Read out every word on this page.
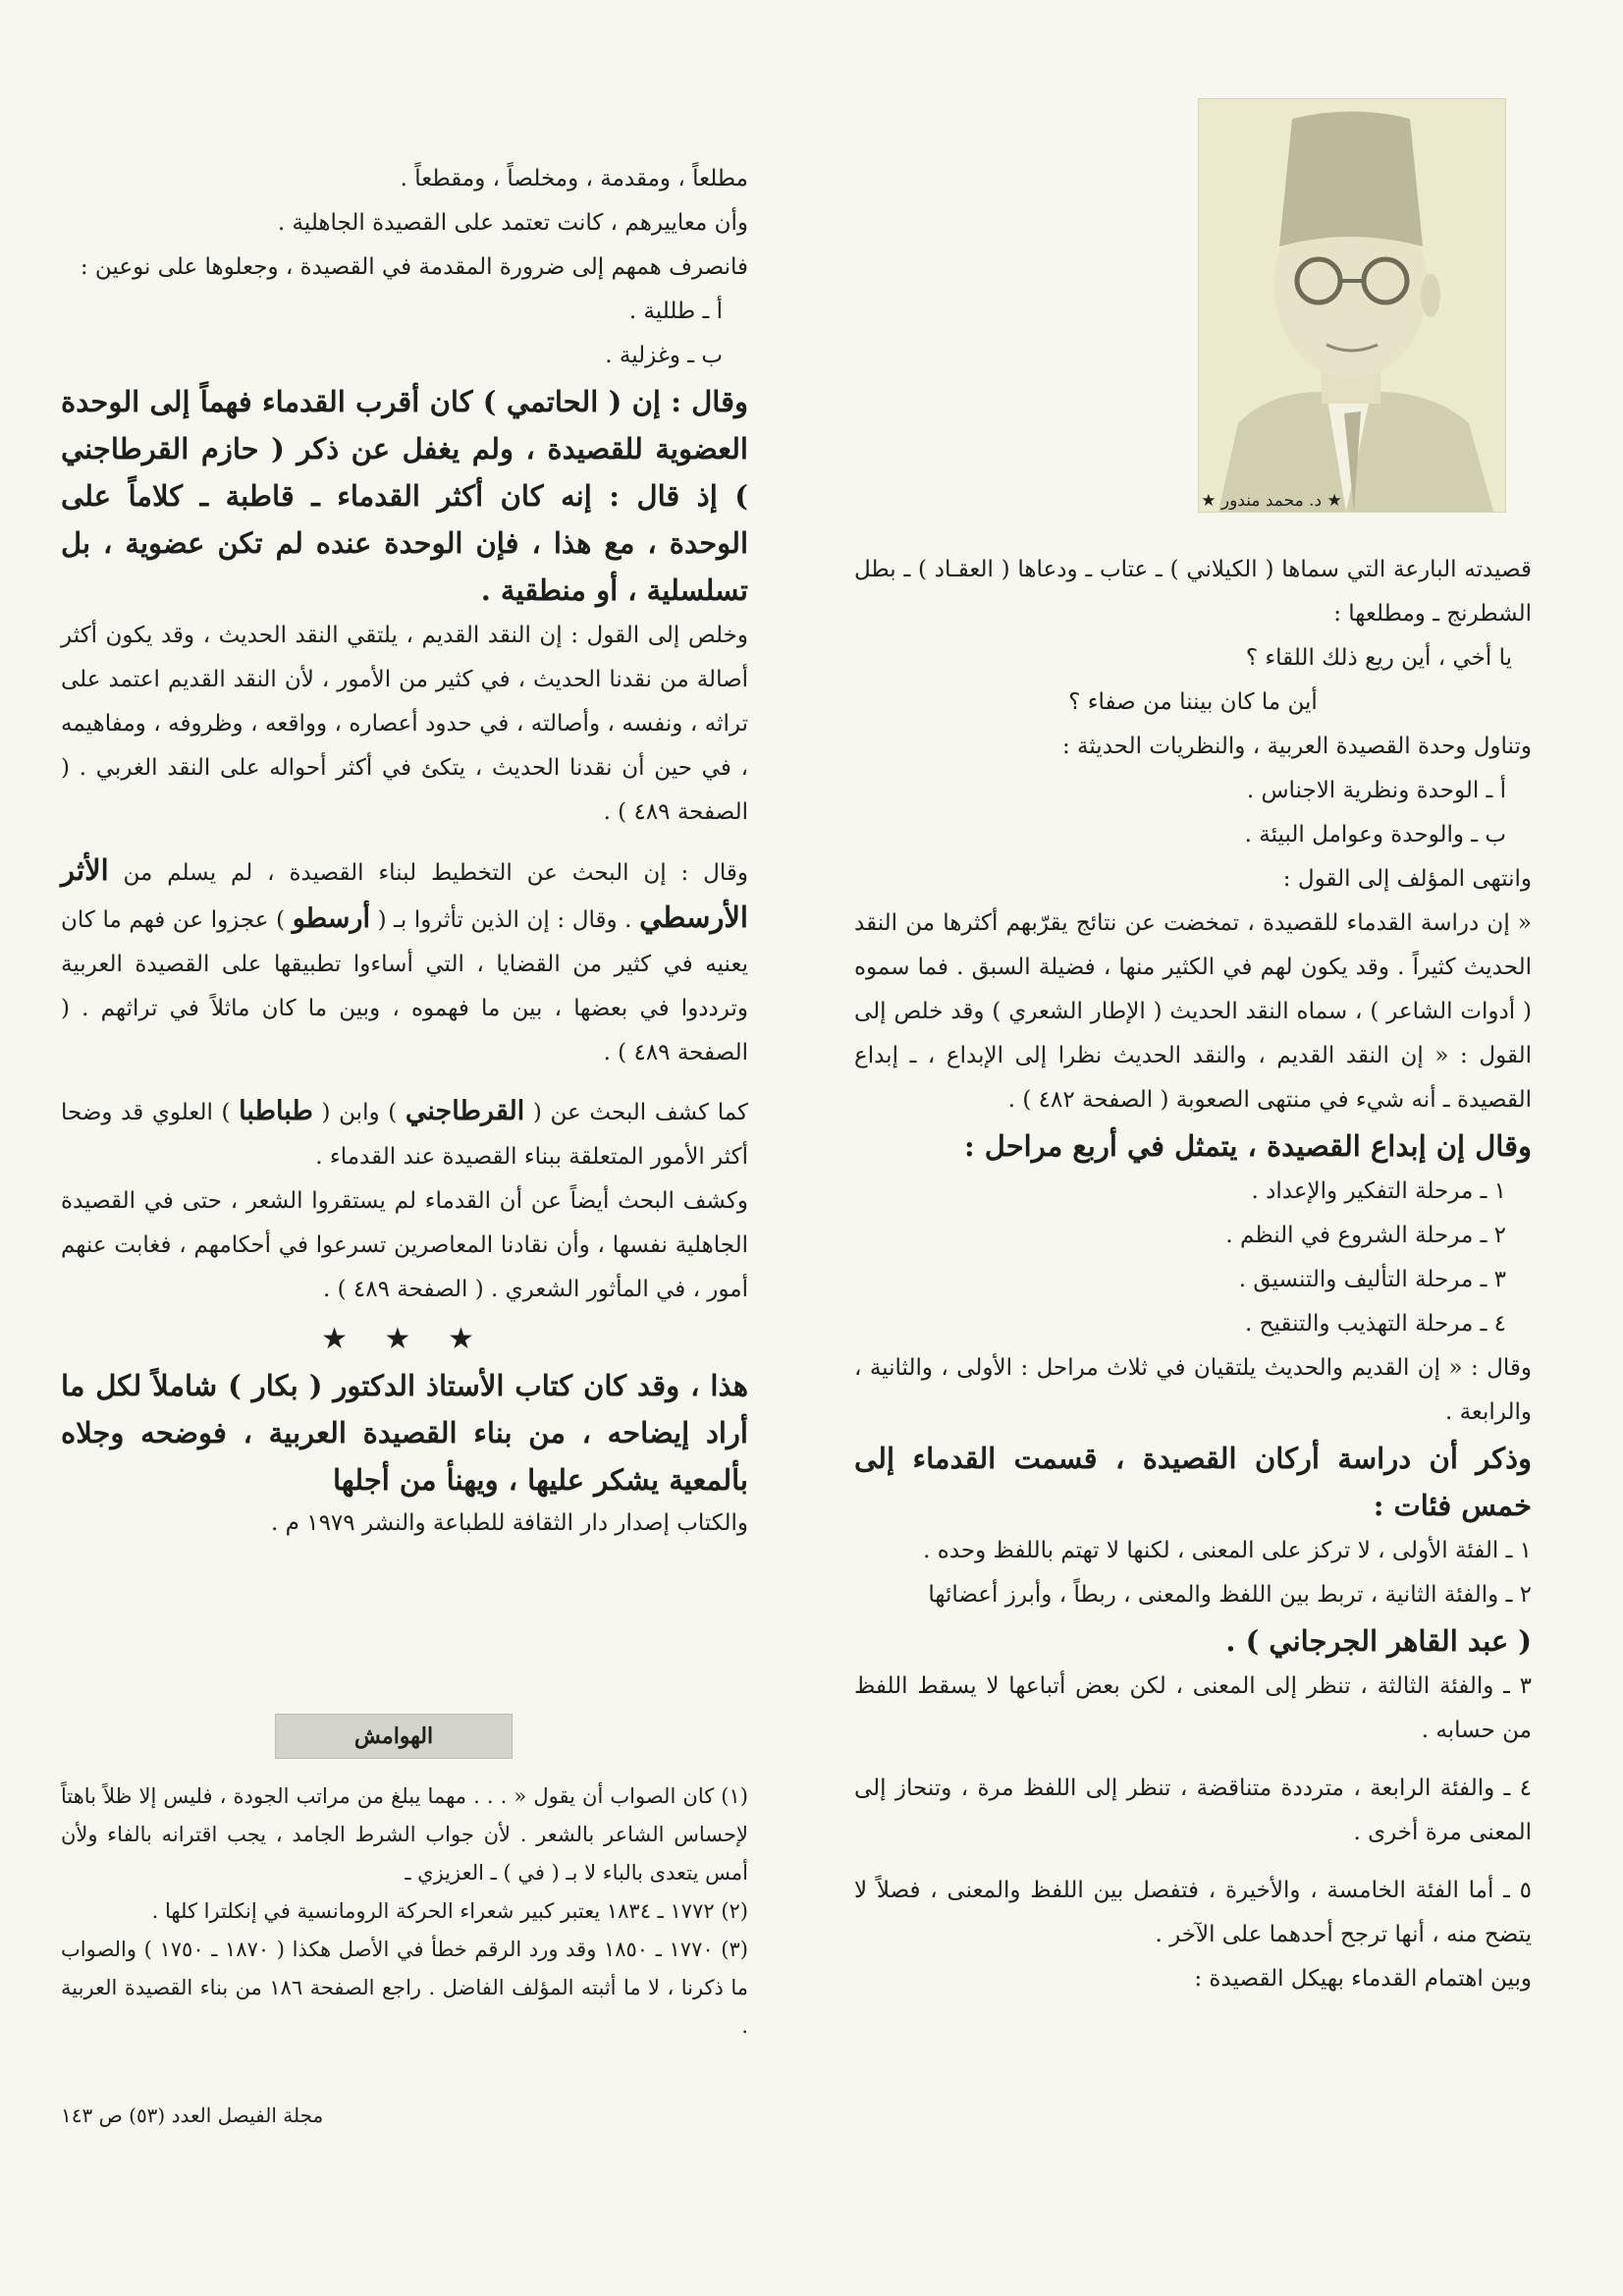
★ د. محمد مندور ★

قصيدته البارعة التي سماها ( الكيلاني ) ـ عتاب ـ ودعاها ( العقـاد ) ـ بطل الشطرنج ـ ومطلعها :

يا أخي ، أين ريع ذلك اللقاء ؟

أين ما كان بيننا من صفاء ؟

وتناول وحدة القصيدة العربية ، والنظريات الحديثة :

أ ـ الوحدة ونظرية الاجناس .

ب ـ والوحدة وعوامل البيئة .

وانتهى المؤلف إلى القول :

« إن دراسة القدماء للقصيدة ، تمخضت عن نتائج يقرّبهم أكثرها من النقد الحديث كثيراً . وقد يكون لهم في الكثير منها ، فضيلة السبق . فما سموه ( أدوات الشاعر ) ، سماه النقد الحديث ( الإطار الشعري ) وقد خلص إلى القول : « إن النقد القديم ، والنقد الحديث نظرا إلى الإبداع ، ـ إبداع القصيدة ـ أنه شيء في منتهى الصعوبة ( الصفحة ٤٨٢ ) .

وقال إن إبداع القصيدة ، يتمثل في أربع مراحل :

١ ـ مرحلة التفكير والإعداد .

٢ ـ مرحلة الشروع في النظم .

٣ ـ مرحلة التأليف والتنسيق .

٤ ـ مرحلة التهذيب والتنقيح .

وقال : « إن القديم والحديث يلتقيان في ثلاث مراحل : الأولى ، والثانية ، والرابعة .

وذكر أن دراسة أركان القصيدة ، قسمت القدماء إلى خمس فئات :

١ ـ الفئة الأولى ، لا تركز على المعنى ، لكنها لا تهتم باللفظ وحده .

٢ ـ والفئة الثانية ، تربط بين اللفظ والمعنى ، ربطاً ، وأبرز أعضائها

( عبد القاهر الجرجاني ) .

٣ ـ والفئة الثالثة ، تنظر إلى المعنى ، لكن بعض أتباعها لا يسقط اللفظ من حسابه .

٤ ـ والفئة الرابعة ، مترددة متناقضة ، تنظر إلى اللفظ مرة ، وتنحاز إلى المعنى مرة أخرى .

٥ ـ أما الفئة الخامسة ، والأخيرة ، فتفصل بين اللفظ والمعنى ، فصلاً لا يتضح منه ، أنها ترجح أحدهما على الآخر .

وبين اهتمام القدماء بهيكل القصيدة :

مطلعاً ، ومقدمة ، ومخلصاً ، ومقطعاً .

وأن معاييرهم ، كانت تعتمد على القصيدة الجاهلية .

فانصرف همهم إلى ضرورة المقدمة في القصيدة ، وجعلوها على نوعين :

أ ـ طللية .

ب ـ وغزلية .

وقال : إن ( الحاتمي ) كان أقرب القدماء فهماً إلى الوحدة العضوية للقصيدة ، ولم يغفل عن ذكر ( حازم القرطاجني ) إذ قال : إنه كان أكثر القدماء ـ قاطبة ـ كلاماً على الوحدة ، مع هذا ، فإن الوحدة عنده لم تكن عضوية ، بل تسلسلية ، أو منطقية .

وخلص إلى القول : إن النقد القديم ، يلتقي النقد الحديث ، وقد يكون أكثر أصالة من نقدنا الحديث ، في كثير من الأمور ، لأن النقد القديم اعتمد على تراثه ، ونفسه ، وأصالته ، في حدود أعصاره ، وواقعه ، وظروفه ، ومفاهيمه ، في حين أن نقدنا الحديث ، يتكئ في أكثر أحواله على النقد الغربي . ( الصفحة ٤٨٩ ) .

وقال : إن البحث عن التخطيط لبناء القصيدة ، لم يسلم من الأثر الأرسطي . وقال : إن الذين تأثروا بـ ( أرسطو ) عجزوا عن فهم ما كان يعنيه في كثير من القضايا ، التي أساءوا تطبيقها على القصيدة العربية وترددوا في بعضها ، بين ما فهموه ، وبين ما كان ماثلاً في تراثهم . ( الصفحة ٤٨٩ ) .

كما كشف البحث عن ( القرطاجني ) وابن ( طباطبا ) العلوي قد وضحا أكثر الأمور المتعلقة ببناء القصيدة عند القدماء .

وكشف البحث أيضاً عن أن القدماء لم يستقروا الشعر ، حتى في القصيدة الجاهلية نفسها ، وأن نقادنا المعاصرين تسرعوا في أحكامهم ، فغابت عنهم أمور ، في المأثور الشعري . ( الصفحة ٤٨٩ ) .

★ ★ ★

هذا ، وقد كان كتاب الأستاذ الدكتور ( بكار ) شاملاً لكل ما أراد إيضاحه ، من بناء القصيدة العربية ، فوضحه وجلاه بألمعية يشكر عليها ، ويهنأ من أجلها

والكتاب إصدار دار الثقافة للطباعة والنشر ١٩٧٩ م .

الهوامش

(١) كان الصواب أن يقول « . . . مهما يبلغ من مراتب الجودة ، فليس إلا ظلاً باهتاً لإحساس الشاعر بالشعر . لأن جواب الشرط الجامد ، يجب اقترانه بالفاء ولأن أمس يتعدى بالباء لا بـ ( في ) ـ العزيزي ـ

(٢) ١٧٧٢ ـ ١٨٣٤ يعتبر كبير شعراء الحركة الرومانسية في إنكلترا كلها .

(٣) ١٧٧٠ ـ ١٨٥٠ وقد ورد الرقم خطأ في الأصل هكذا ( ١٨٧٠ ـ ١٧٥٠ ) والصواب ما ذكرنا ، لا ما أثبته المؤلف الفاضل . راجع الصفحة ١٨٦ من بناء القصيدة العربية .

مجلة الفيصل العدد (٥٣) ص ١٤٣
